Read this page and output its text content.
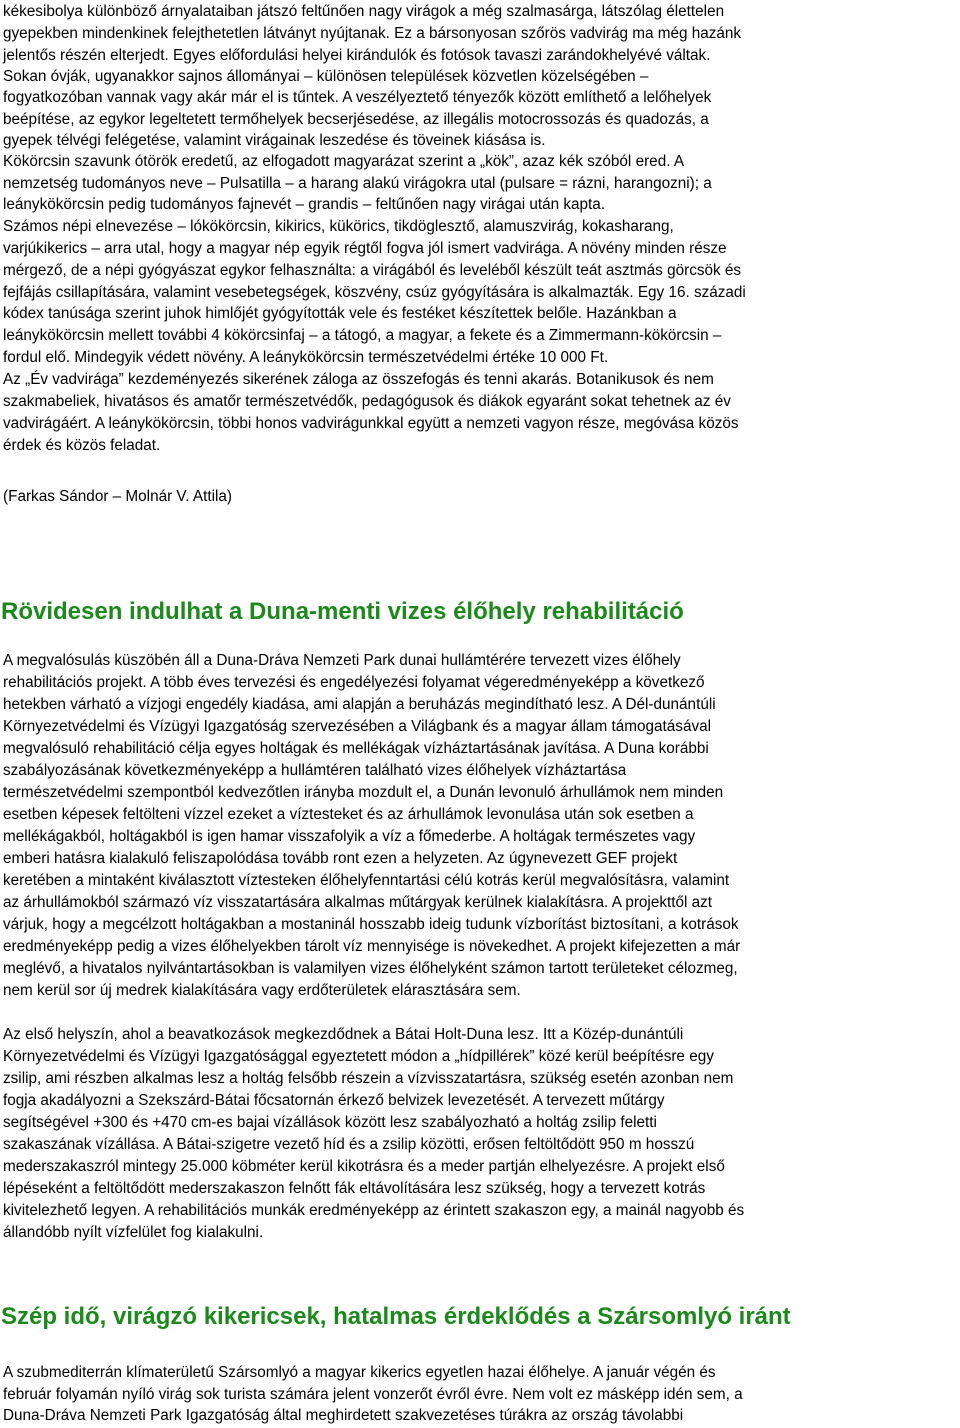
kékesibolya különböző árnyalataiban játszó feltűnően nagy virágok a még szalmasárga, látszólag élettelen
gyepekben mindenkinek felejthetetlen látványt nyújtanak. Ez a bársonyosan szőrös vadvirág ma még hazánk
jelentős részén elterjedt. Egyes előfordulási helyei kirándulók és fotósok tavaszi zarándokhelyévé váltak.
Sokan óvják, ugyanakkor sajnos állományai – különösen települések közvetlen közelségében –
fogyatkozóban vannak vagy akár már el is tűntek. A veszélyeztető tényezők között említhető a lelőhelyek
beépítése, az egykor legeltetett termőhelyek becserjésedése, az illegális motocrossozás és quadozás, a
gyepek télvégi felégetése, valamint virágainak leszedése és töveinek kiásása is.
Kökörcsin szavunk ótörök eredetű, az elfogadott magyarázat szerint a „kök”, azaz kék szóból ered. A
nemzetség tudományos neve – Pulsatilla – a harang alakú virágokra utal (pulsare = rázni, harangozni); a
leánykökörcsin pedig tudományos fajnevét – grandis – feltűnően nagy virágai után kapta.
Számos népi elnevezése – lókökörcsin, kikirics, kükörics, tikdöglesztő, alamuszvirág, kokasharang,
varjúkikerics – arra utal, hogy a magyar nép egyik régtől fogva jól ismert vadvirága. A növény minden része
mérgező, de a népi gyógyászat egykor felhasználta: a virágából és leveléből készült teát asztmás görcsök és
fejfájás csillapítására, valamint vesebetegségek, köszvény, csúz gyógyítására is alkalmazták. Egy 16. századi
kódex tanúsága szerint juhok himlőjét gyógyították vele és festéket készítettek belőle. Hazánkban a
leánykökörcsin mellett további 4 kökörcsinfaj – a tátogó, a magyar, a fekete és a Zimmermann-kökörcsin –
fordul elő. Mindegyik védett növény. A leánykökörcsin természetvédelmi értéke 10 000 Ft.
Az „Év vadvirága” kezdeményezés sikerének záloga az összefogás és tenni akarás. Botanikusok és nem
szakmabeliek, hivatásos és amatőr természetvédők, pedagógusok és diákok egyaránt sokat tehetnek az év
vadvirágáért. A leánykökörcsin, többi honos vadvirágunkkal együtt a nemzeti vagyon része, megóvása közös
érdek és közös feladat.
(Farkas Sándor – Molnár V. Attila)
Rövidesen indulhat a Duna-menti vizes élőhely rehabilitáció
A megvalósulás küszöbén áll a Duna-Dráva Nemzeti Park dunai hullámtérére tervezett vizes élőhely
rehabilitációs projekt. A több éves tervezési és engedélyezési folyamat végeredményeképp a következő
hetekben várható a vízjogi engedély kiadása, ami alapján a beruházás megindítható lesz. A Dél-dunántúli
Környezetvédelmi és Vízügyi Igazgatóság szervezésében a Világbank és a magyar állam támogatásával
megvalósuló rehabilitáció célja egyes holtágak és mellékágak vízháztartásának javítása. A Duna korábbi
szabályozásának következményeképp a hullámtéren található vizes élőhelyek vízháztartása
természetvédelmi szempontból kedvezőtlen irányba mozdult el, a Dunán levonuló árhullámok nem minden
esetben képesek feltölteni vízzel ezeket a víztesteket és az árhullámok levonulása után sok esetben a
mellékágakból, holtágakból is igen hamar visszafolyik a víz a főmederbe. A holtágak természetes vagy
emberi hatásra kialakuló feliszapolódása tovább ront ezen a helyzeten. Az úgynevezett GEF projekt
keretében a mintaként kiválasztott víztesteken élőhelyfenntartási célú kotrás kerül megvalósításra, valamint
az árhullámokból származó víz visszatartására alkalmas műtárgyak kerülnek kialakításra. A projekttől azt
várjuk, hogy a megcélzott holtágakban a mostaninál hosszabb ideig tudunk vízborítást biztosítani, a kotrások
eredményeképp pedig a vizes élőhelyekben tárolt víz mennyisége is növekedhet. A projekt kifejezetten a már
meglévő, a hivatalos nyilvántartásokban is valamilyen vizes élőhelyként számon tartott területeket célozmeg,
nem kerül sor új medrek kialakítására vagy erdőterületek elárasztására sem.
Az első helyszín, ahol a beavatkozások megkezdődnek a Bátai Holt-Duna lesz. Itt a Közép-dunántúli
Környezetvédelmi és Vízügyi Igazgatósággal egyeztetett módon a „hídpillérek” közé kerül beépítésre egy
zsilip, ami részben alkalmas lesz a holtág felsőbb részein a vízvisszatartásra, szükség esetén azonban nem
fogja akadályozni a Szekszárd-Bátai főcsatornán érkező belvizek levezetését. A tervezett műtárgy
segítségével +300 és +470 cm-es bajai vízállások között lesz szabályozható a holtág zsilip feletti
szakaszának vízállása. A Bátai-szigetre vezető híd és a zsilip közötti, erősen feltöltődött 950 m hosszú
mederszakaszról mintegy 25.000 köbméter kerül kikotrásra és a meder partján elhelyezésre. A projekt első
lépéseként a feltöltődött mederszakaszon felnőtt fák eltávolítására lesz szükség, hogy a tervezett kotrás
kivitelezhető legyen. A rehabilitációs munkák eredményeképp az érintett szakaszon egy, a mainál nagyobb és
állandóbb nyílt vízfelület fog kialakulni.
Szép idő, virágzó kikericsek, hatalmas érdeklődés a Szársomlyó iránt
A szubmediterrán klímaterületű Szársomlyó a magyar kikerics egyetlen hazai élőhelye. A január végén és
február folyamán nyíló virág sok turista számára jelent vonzerőt évről évre. Nem volt ez másképp idén sem, a
Duna-Dráva Nemzeti Park Igazgatóság által meghirdetett szakvezetéses túrákra az ország távolabbi
